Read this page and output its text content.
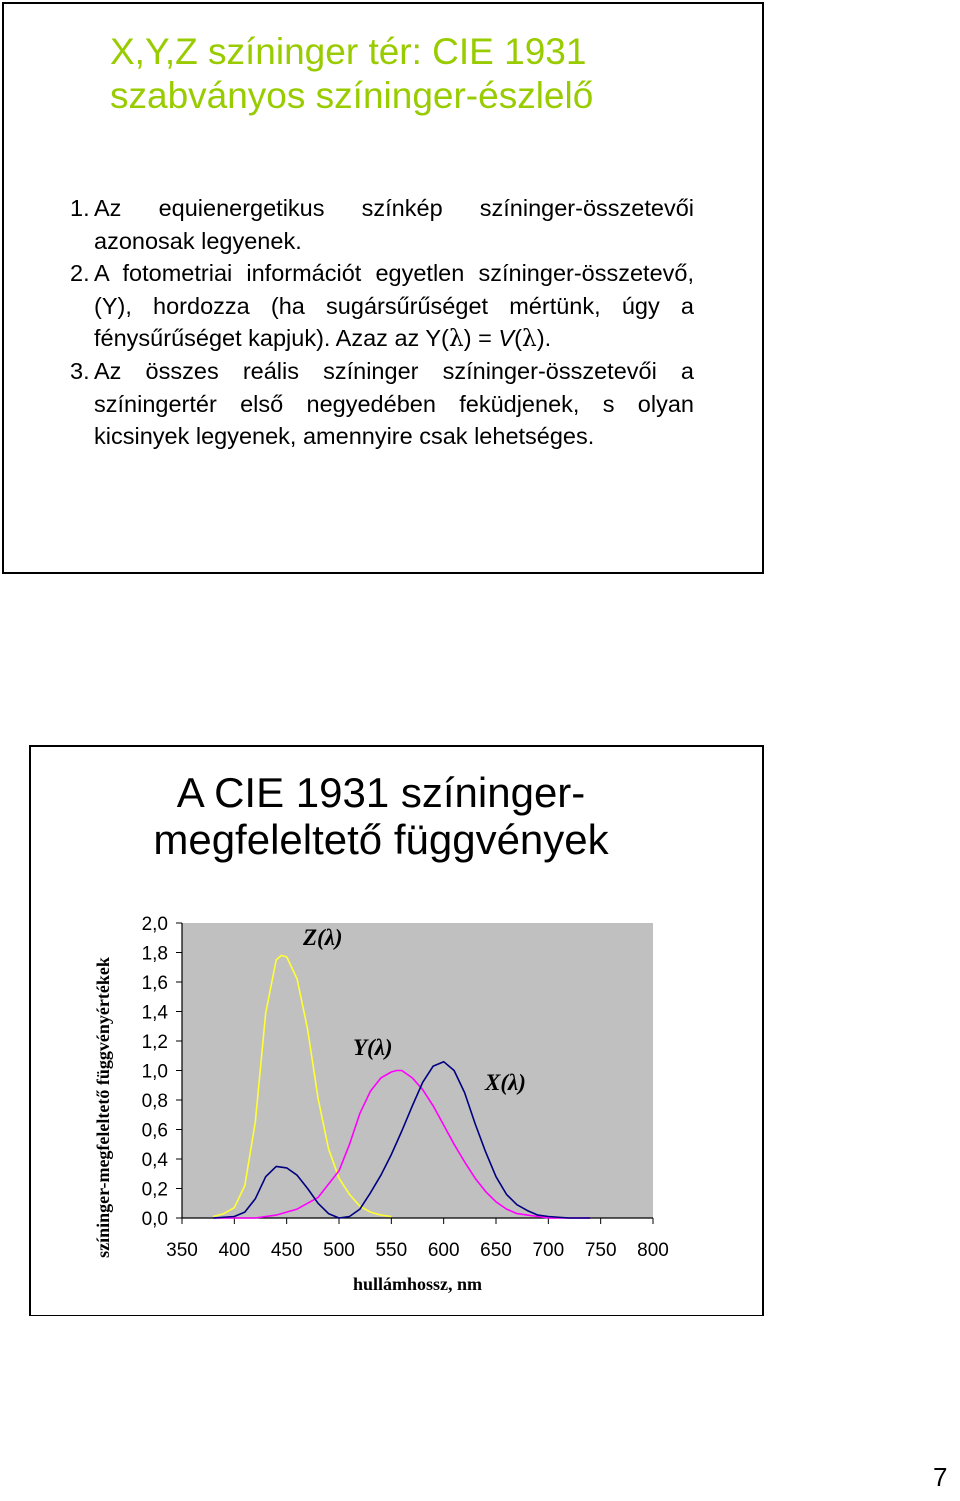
X,Y,Z színinger tér: CIE 1931 szabványos színinger-észlelő
1. Az equienergetikus színkép színinger-összetevői azonosak legyenek.
2. A fotometriai információt egyetlen színinger-összetevő, (Y), hordozza (ha sugársűrűséget mértünk, úgy a fénysűrűséget kapjuk). Azaz az Y(λ) = V(λ).
3. Az összes reális színinger színinger-összetevői a színingertér első negyedében feküdjenek, s olyan kicsinyek legyenek, amennyire csak lehetséges.
A CIE 1931 színinger-
megfeleltető függvények
0,0
0,2
0,4
0,6
0,8
1,0
1,2
1,4
1,6
1,8
2,0
350 400 450 500 550 600 650 700 750 800
hullámhossz, nm
színinger-megfeleltető függvényértékek
Z(λ)
Y(λ)
X(λ)
7
